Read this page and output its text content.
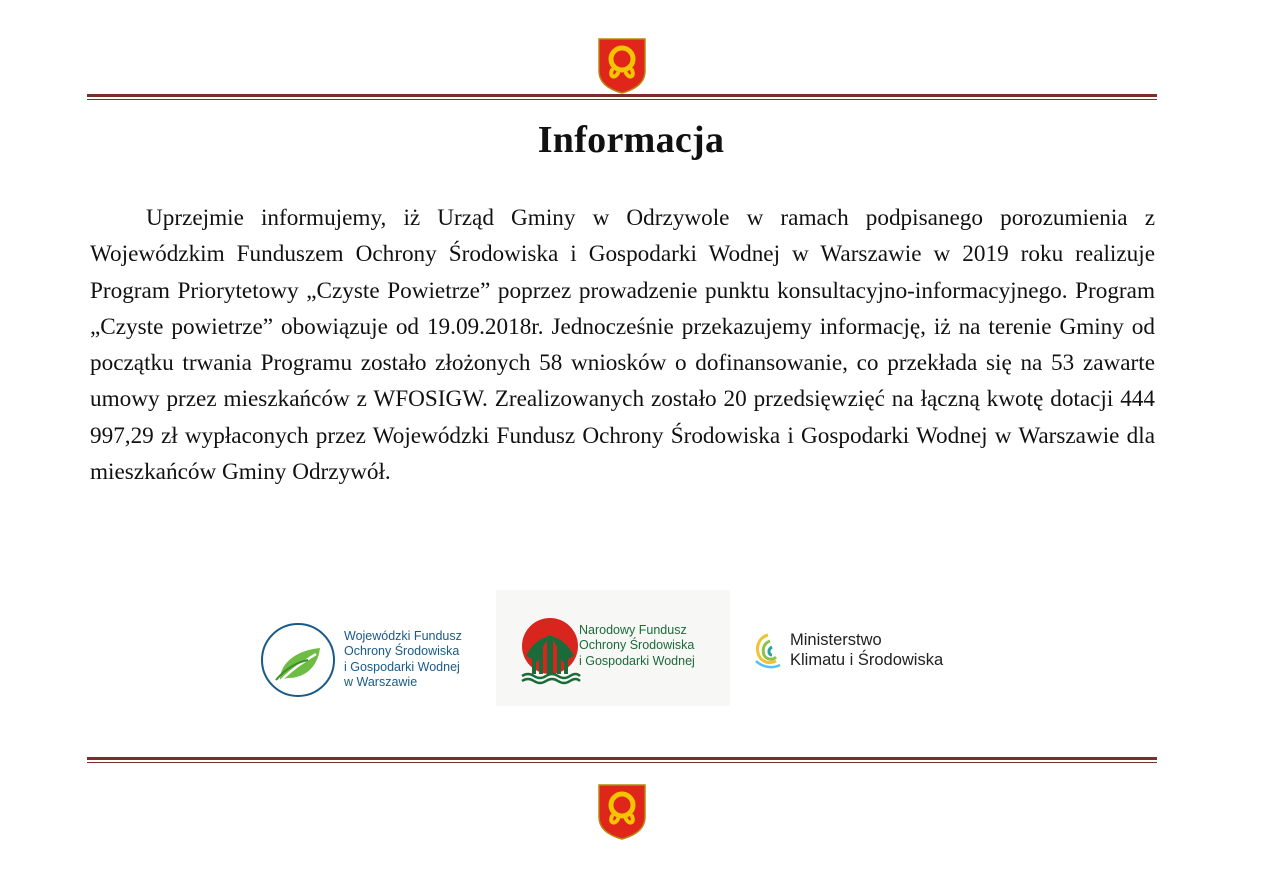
Informacja

Uprzejmie informujemy, iż Urząd Gminy w Odrzywole w ramach podpisanego porozumienia z Wojewódzkim Funduszem Ochrony Środowiska i Gospodarki Wodnej w Warszawie w 2019 roku realizuje Program Priorytetowy „Czyste Powietrze” poprzez prowadzenie punktu konsultacyjno-informacyjnego. Program „Czyste powietrze” obowiązuje od 19.09.2018r. Jednocześnie przekazujemy informację, iż na terenie Gminy od początku trwania Programu zostało złożonych 58 wniosków o dofinansowanie, co przekłada się na 53 zawarte umowy przez mieszkańców z WFOSIGW. Zrealizowanych zostało 20 przedsięwzięć na łączną kwotę dotacji 444 997,29 zł wypłaconych przez Wojewódzki Fundusz Ochrony Środowiska i Gospodarki Wodnej w Warszawie dla mieszkańców Gminy Odrzywół.

Wojewódzki Fundusz
Ochrony Środowiska
i Gospodarki Wodnej
w Warszawie
Narodowy Fundusz
Ochrony Środowiska
i Gospodarki Wodnej
Ministerstwo
Klimatu i Środowiska
